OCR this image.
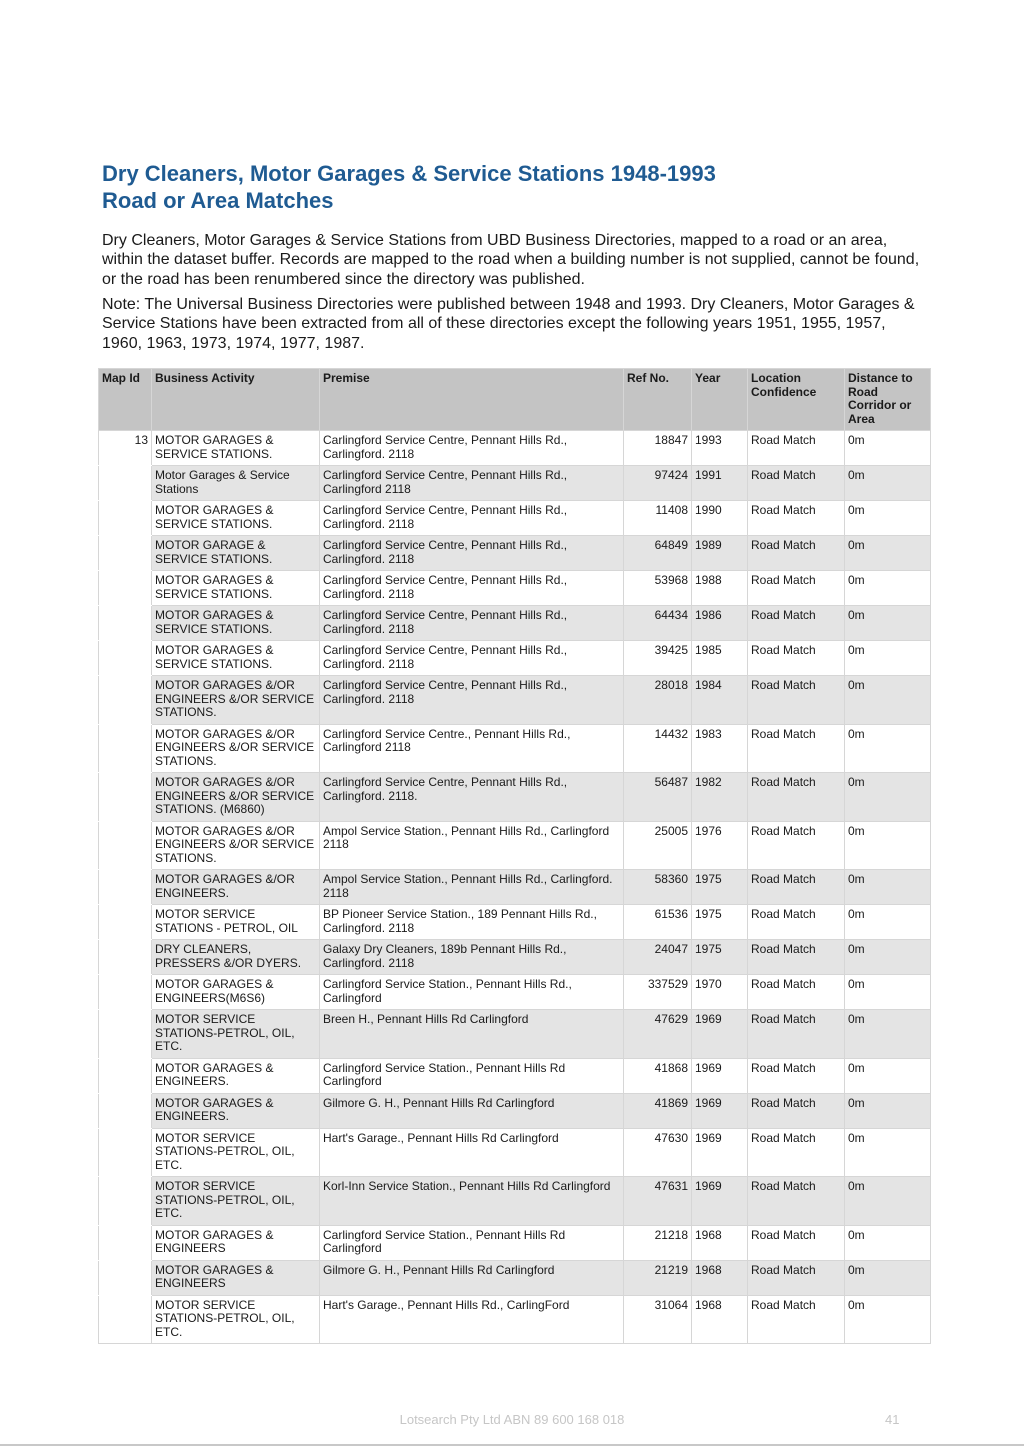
Dry Cleaners, Motor Garages & Service Stations 1948-1993
Road or Area Matches

Dry Cleaners, Motor Garages & Service Stations from UBD Business Directories, mapped to a road or an area, within the dataset buffer. Records are mapped to the road when a building number is not supplied, cannot be found, or the road has been renumbered since the directory was published.

Note: The Universal Business Directories were published between 1948 and 1993. Dry Cleaners, Motor Garages & Service Stations have been extracted from all of these directories except the following years 1951, 1955, 1957, 1960, 1963, 1973, 1974, 1977, 1987.

Map Id	Business Activity	Premise	Ref No.	Year	Location Confidence	Distance to Road Corridor or Area
13	MOTOR GARAGES & SERVICE STATIONS.	Carlingford Service Centre, Pennant Hills Rd., Carlingford. 2118	18847	1993	Road Match	0m
	Motor Garages & Service Stations	Carlingford Service Centre, Pennant Hills Rd., Carlingford 2118	97424	1991	Road Match	0m
	MOTOR GARAGES & SERVICE STATIONS.	Carlingford Service Centre, Pennant Hills Rd., Carlingford. 2118	11408	1990	Road Match	0m
	MOTOR GARAGE & SERVICE STATIONS.	Carlingford Service Centre, Pennant Hills Rd., Carlingford. 2118	64849	1989	Road Match	0m
	MOTOR GARAGES & SERVICE STATIONS.	Carlingford Service Centre, Pennant Hills Rd., Carlingford. 2118	53968	1988	Road Match	0m
	MOTOR GARAGES & SERVICE STATIONS.	Carlingford Service Centre, Pennant Hills Rd., Carlingford. 2118	64434	1986	Road Match	0m
	MOTOR GARAGES & SERVICE STATIONS.	Carlingford Service Centre, Pennant Hills Rd., Carlingford. 2118	39425	1985	Road Match	0m
	MOTOR GARAGES &/OR ENGINEERS &/OR SERVICE STATIONS.	Carlingford Service Centre, Pennant Hills Rd., Carlingford. 2118	28018	1984	Road Match	0m
	MOTOR GARAGES &/OR ENGINEERS &/OR SERVICE STATIONS.	Carlingford Service Centre., Pennant Hills Rd., Carlingford 2118	14432	1983	Road Match	0m
	MOTOR GARAGES &/OR ENGINEERS &/OR SERVICE STATIONS. (M6860)	Carlingford Service Centre, Pennant Hills Rd., Carlingford. 2118.	56487	1982	Road Match	0m
	MOTOR GARAGES &/OR ENGINEERS &/OR SERVICE STATIONS.	Ampol Service Station., Pennant Hills Rd., Carlingford 2118	25005	1976	Road Match	0m
	MOTOR GARAGES &/OR ENGINEERS.	Ampol Service Station., Pennant Hills Rd., Carlingford. 2118	58360	1975	Road Match	0m
	MOTOR SERVICE STATIONS - PETROL, OIL	BP Pioneer Service Station., 189 Pennant Hills Rd., Carlingford. 2118	61536	1975	Road Match	0m
	DRY CLEANERS, PRESSERS &/OR DYERS.	Galaxy Dry Cleaners, 189b Pennant Hills Rd., Carlingford. 2118	24047	1975	Road Match	0m
	MOTOR GARAGES & ENGINEERS(M6S6)	Carlingford Service Station., Pennant Hills Rd., Carlingford	337529	1970	Road Match	0m
	MOTOR SERVICE STATIONS-PETROL, OIL, ETC.	Breen H., Pennant Hills Rd Carlingford	47629	1969	Road Match	0m
	MOTOR GARAGES & ENGINEERS.	Carlingford Service Station., Pennant Hills Rd Carlingford	41868	1969	Road Match	0m
	MOTOR GARAGES & ENGINEERS.	Gilmore G. H., Pennant Hills Rd Carlingford	41869	1969	Road Match	0m
	MOTOR SERVICE STATIONS-PETROL, OIL, ETC.	Hart's Garage., Pennant Hills Rd Carlingford	47630	1969	Road Match	0m
	MOTOR SERVICE STATIONS-PETROL, OIL, ETC.	Korl-Inn Service Station., Pennant Hills Rd Carlingford	47631	1969	Road Match	0m
	MOTOR GARAGES & ENGINEERS	Carlingford Service Station., Pennant Hills Rd Carlingford	21218	1968	Road Match	0m
	MOTOR GARAGES & ENGINEERS	Gilmore G. H., Pennant Hills Rd Carlingford	21219	1968	Road Match	0m
	MOTOR SERVICE STATIONS-PETROL, OIL, ETC.	Hart's Garage., Pennant Hills Rd., CarlingFord	31064	1968	Road Match	0m
Lotsearch Pty Ltd ABN 89 600 168 018	41
